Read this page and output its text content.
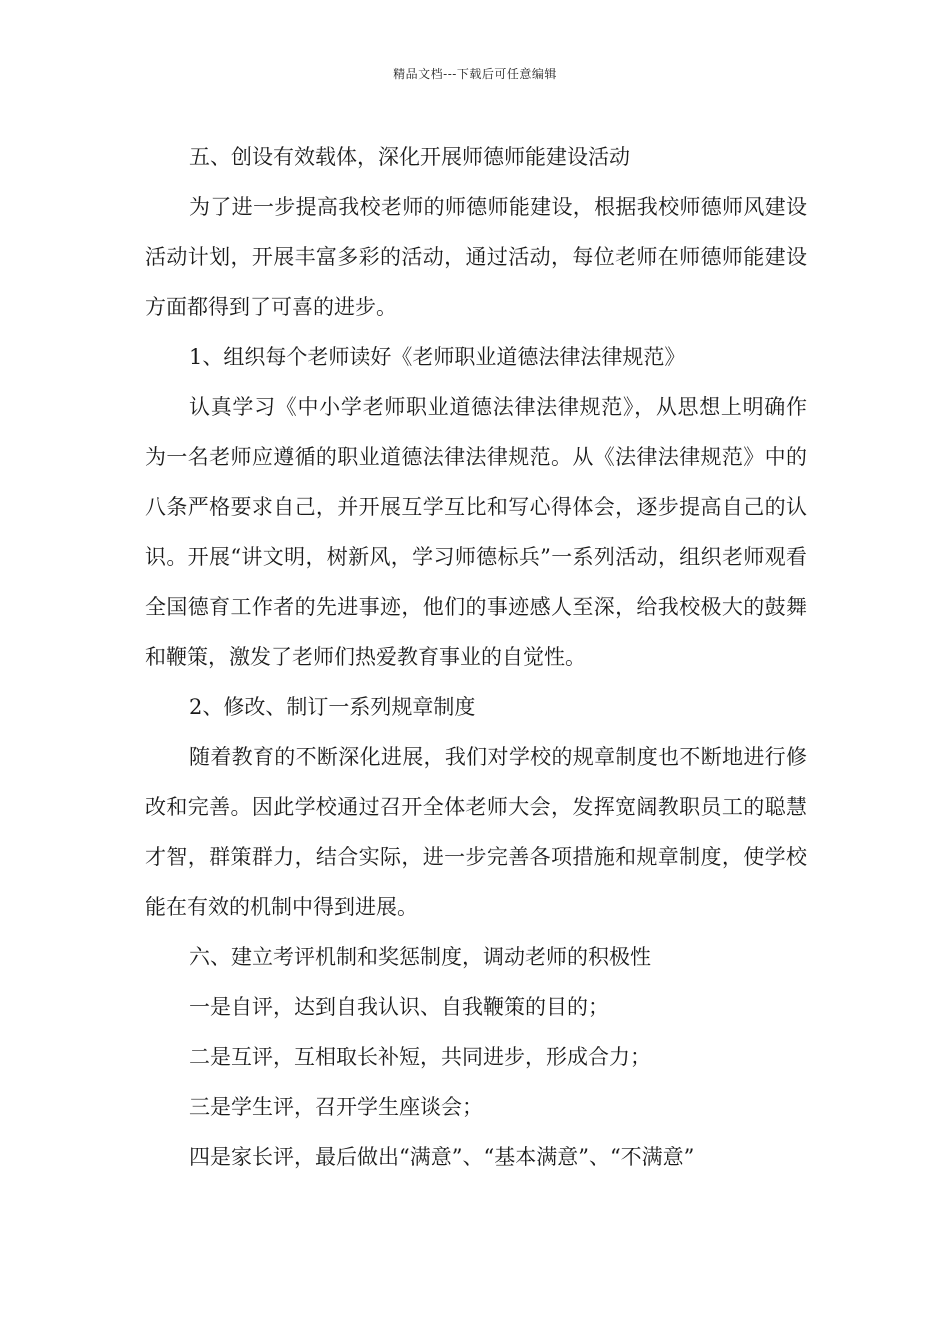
精品文档---下载后可任意编辑

五、创设有效载体，深化开展师德师能建设活动

为了进一步提高我校老师的师德师能建设，根据我校师德师风建设活动计划，开展丰富多彩的活动，通过活动，每位老师在师德师能建设方面都得到了可喜的进步。

1、组织每个老师读好《老师职业道德法律法律规范》

认真学习《中小学老师职业道德法律法律规范》，从思想上明确作为一名老师应遵循的职业道德法律法律规范。从《法律法律规范》中的八条严格要求自己，并开展互学互比和写心得体会，逐步提高自己的认识。开展“讲文明，树新风，学习师德标兵”一系列活动，组织老师观看全国德育工作者的先进事迹，他们的事迹感人至深，给我校极大的鼓舞和鞭策，激发了老师们热爱教育事业的自觉性。

2、修改、制订一系列规章制度

随着教育的不断深化进展，我们对学校的规章制度也不断地进行修改和完善。因此学校通过召开全体老师大会，发挥宽阔教职员工的聪慧才智，群策群力，结合实际，进一步完善各项措施和规章制度，使学校能在有效的机制中得到进展。

六、建立考评机制和奖惩制度，调动老师的积极性

一是自评，达到自我认识、自我鞭策的目的；

二是互评，互相取长补短，共同进步，形成合力；

三是学生评，召开学生座谈会；

四是家长评，最后做出“满意”、“基本满意”、“不满意”
